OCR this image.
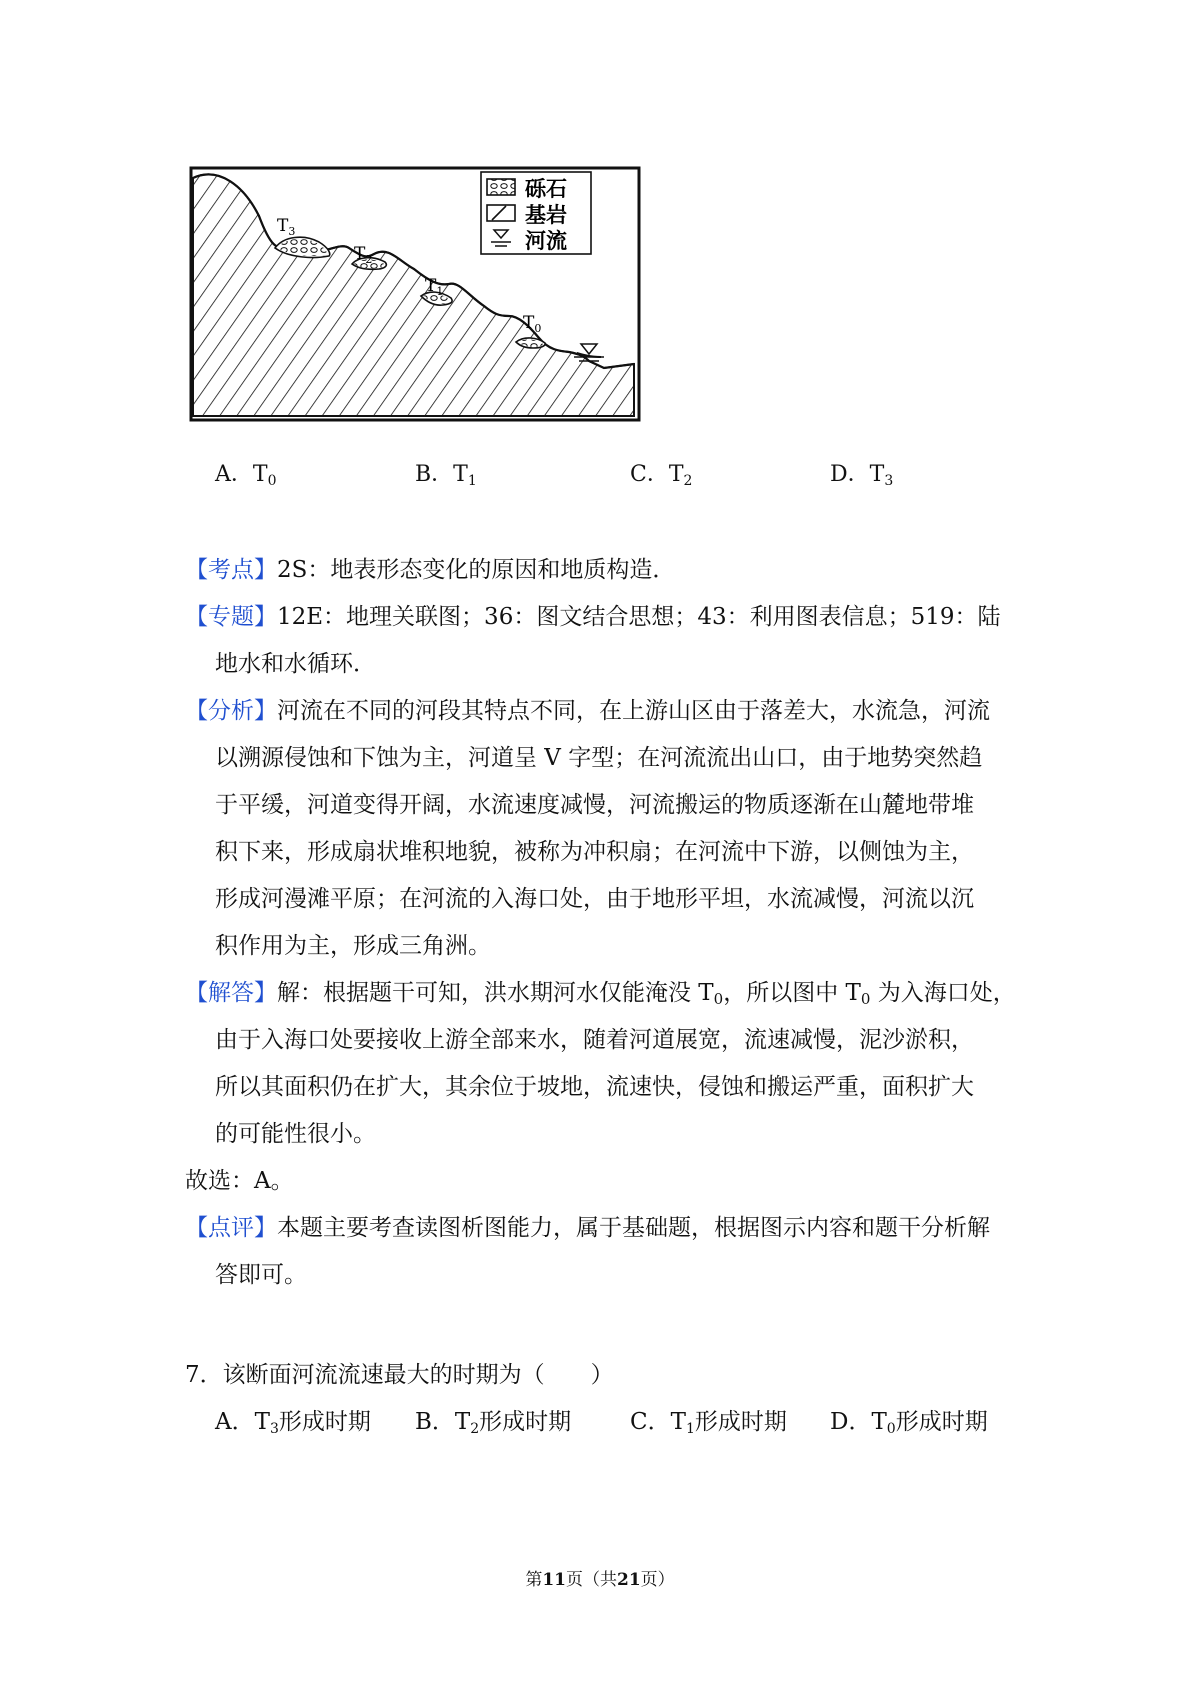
$T_3$
$T_2$
$T_1$
$T_0$
砾石
基岩
河流
A．$T_0$	B．$T_1$	C．$T_2$	D．$T_3$
【考点】2S：地表形态变化的原因和地质构造．
【专题】12E：地理关联图；36：图文结合思想；43：利用图表信息；519：陆
地水和水循环．
【分析】河流在不同的河段其特点不同，在上游山区由于落差大，水流急，河流
以溯源侵蚀和下蚀为主，河道呈 V 字型；在河流流出山口，由于地势突然趋
于平缓，河道变得开阔，水流速度减慢，河流搬运的物质逐渐在山麓地带堆
积下来，形成扇状堆积地貌，被称为冲积扇；在河流中下游，以侧蚀为主，
形成河漫滩平原；在河流的入海口处，由于地形平坦，水流减慢，河流以沉
积作用为主，形成三角洲。
【解答】解：根据题干可知，洪水期河水仅能淹没 $T_0$，所以图中 $T_0$ 为入海口处，
由于入海口处要接收上游全部来水，随着河道展宽，流速减慢，泥沙淤积，
所以其面积仍在扩大，其余位于坡地，流速快，侵蚀和搬运严重，面积扩大
的可能性很小。
故选：A。
【点评】本题主要考查读图析图能力，属于基础题，根据图示内容和题干分析解
答即可。
7．该断面河流流速最大的时期为（　　）
A．$T_3$形成时期 B．$T_2$形成时期	C．$T_1$形成时期 D．$T_0$形成时期
第11页（共21页）
